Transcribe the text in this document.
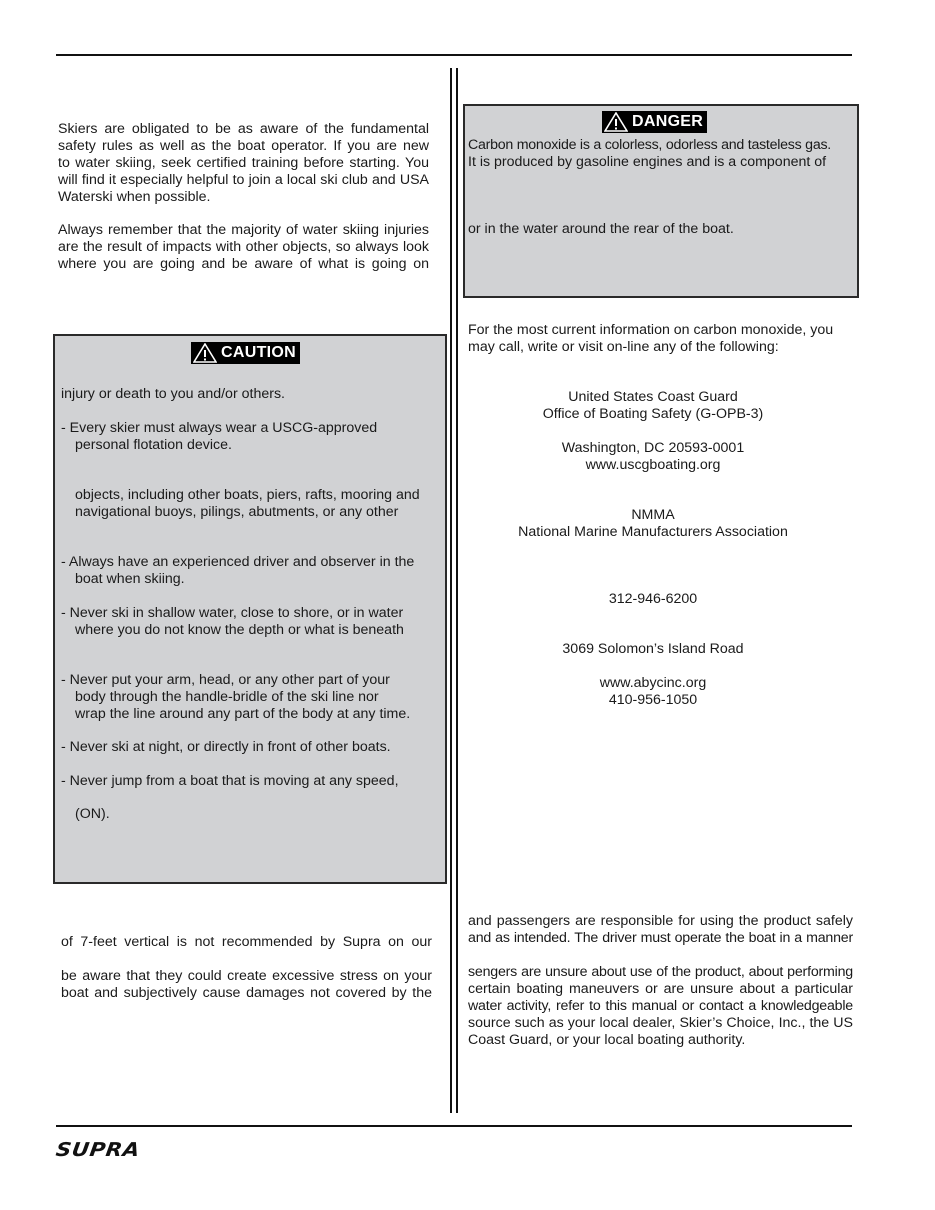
Skiers are obligated to be as aware of the fundamental
safety rules as well as the boat operator. If you are new
to water skiing, seek certified training before starting. You
will find it especially helpful to join a local ski club and USA
Waterski when possible.
Always remember that the majority of water skiing injuries
are the result of impacts with other objects, so always look
where you are going and be aware of what is going on
CAUTION
injury or death to you and/or others.
- Every skier must always wear a USCG-approved
personal flotation device.
objects, including other boats, piers, rafts, mooring and
navigational buoys, pilings, abutments, or any other
- Always have an experienced driver and observer in the
boat when skiing.
- Never ski in shallow water, close to shore, or in water
where you do not know the depth or what is beneath
- Never put your arm, head, or any other part of your
body through the handle-bridle of the ski line nor
wrap the line around any part of the body at any time.
- Never ski at night, or directly in front of other boats.
- Never jump from a boat that is moving at any speed,
(ON).
of 7-feet vertical is not recommended by Supra on our
be aware that they could create excessive stress on your
boat and subjectively cause damages not covered by the
DANGER
Carbon monoxide is a colorless, odorless and tasteless gas.
It is produced by gasoline engines and is a component of
or in the water around the rear of the boat.
For the most current information on carbon monoxide, you
may call, write or visit on-line any of the following:
United States Coast Guard
Office of Boating Safety (G-OPB-3)
Washington, DC 20593-0001
www.uscgboating.org
NMMA
National Marine Manufacturers Association
312-946-6200
3069 Solomon’s Island Road
www.abycinc.org
410-956-1050
and passengers are responsible for using the product safely
and as intended. The driver must operate the boat in a manner
sengers are unsure about use of the product, about performing
certain boating maneuvers or are unsure about a particular
water activity, refer to this manual or contact a knowledgeable
source such as your local dealer, Skier’s Choice, Inc., the US
Coast Guard, or your local boating authority.
SUPRA
